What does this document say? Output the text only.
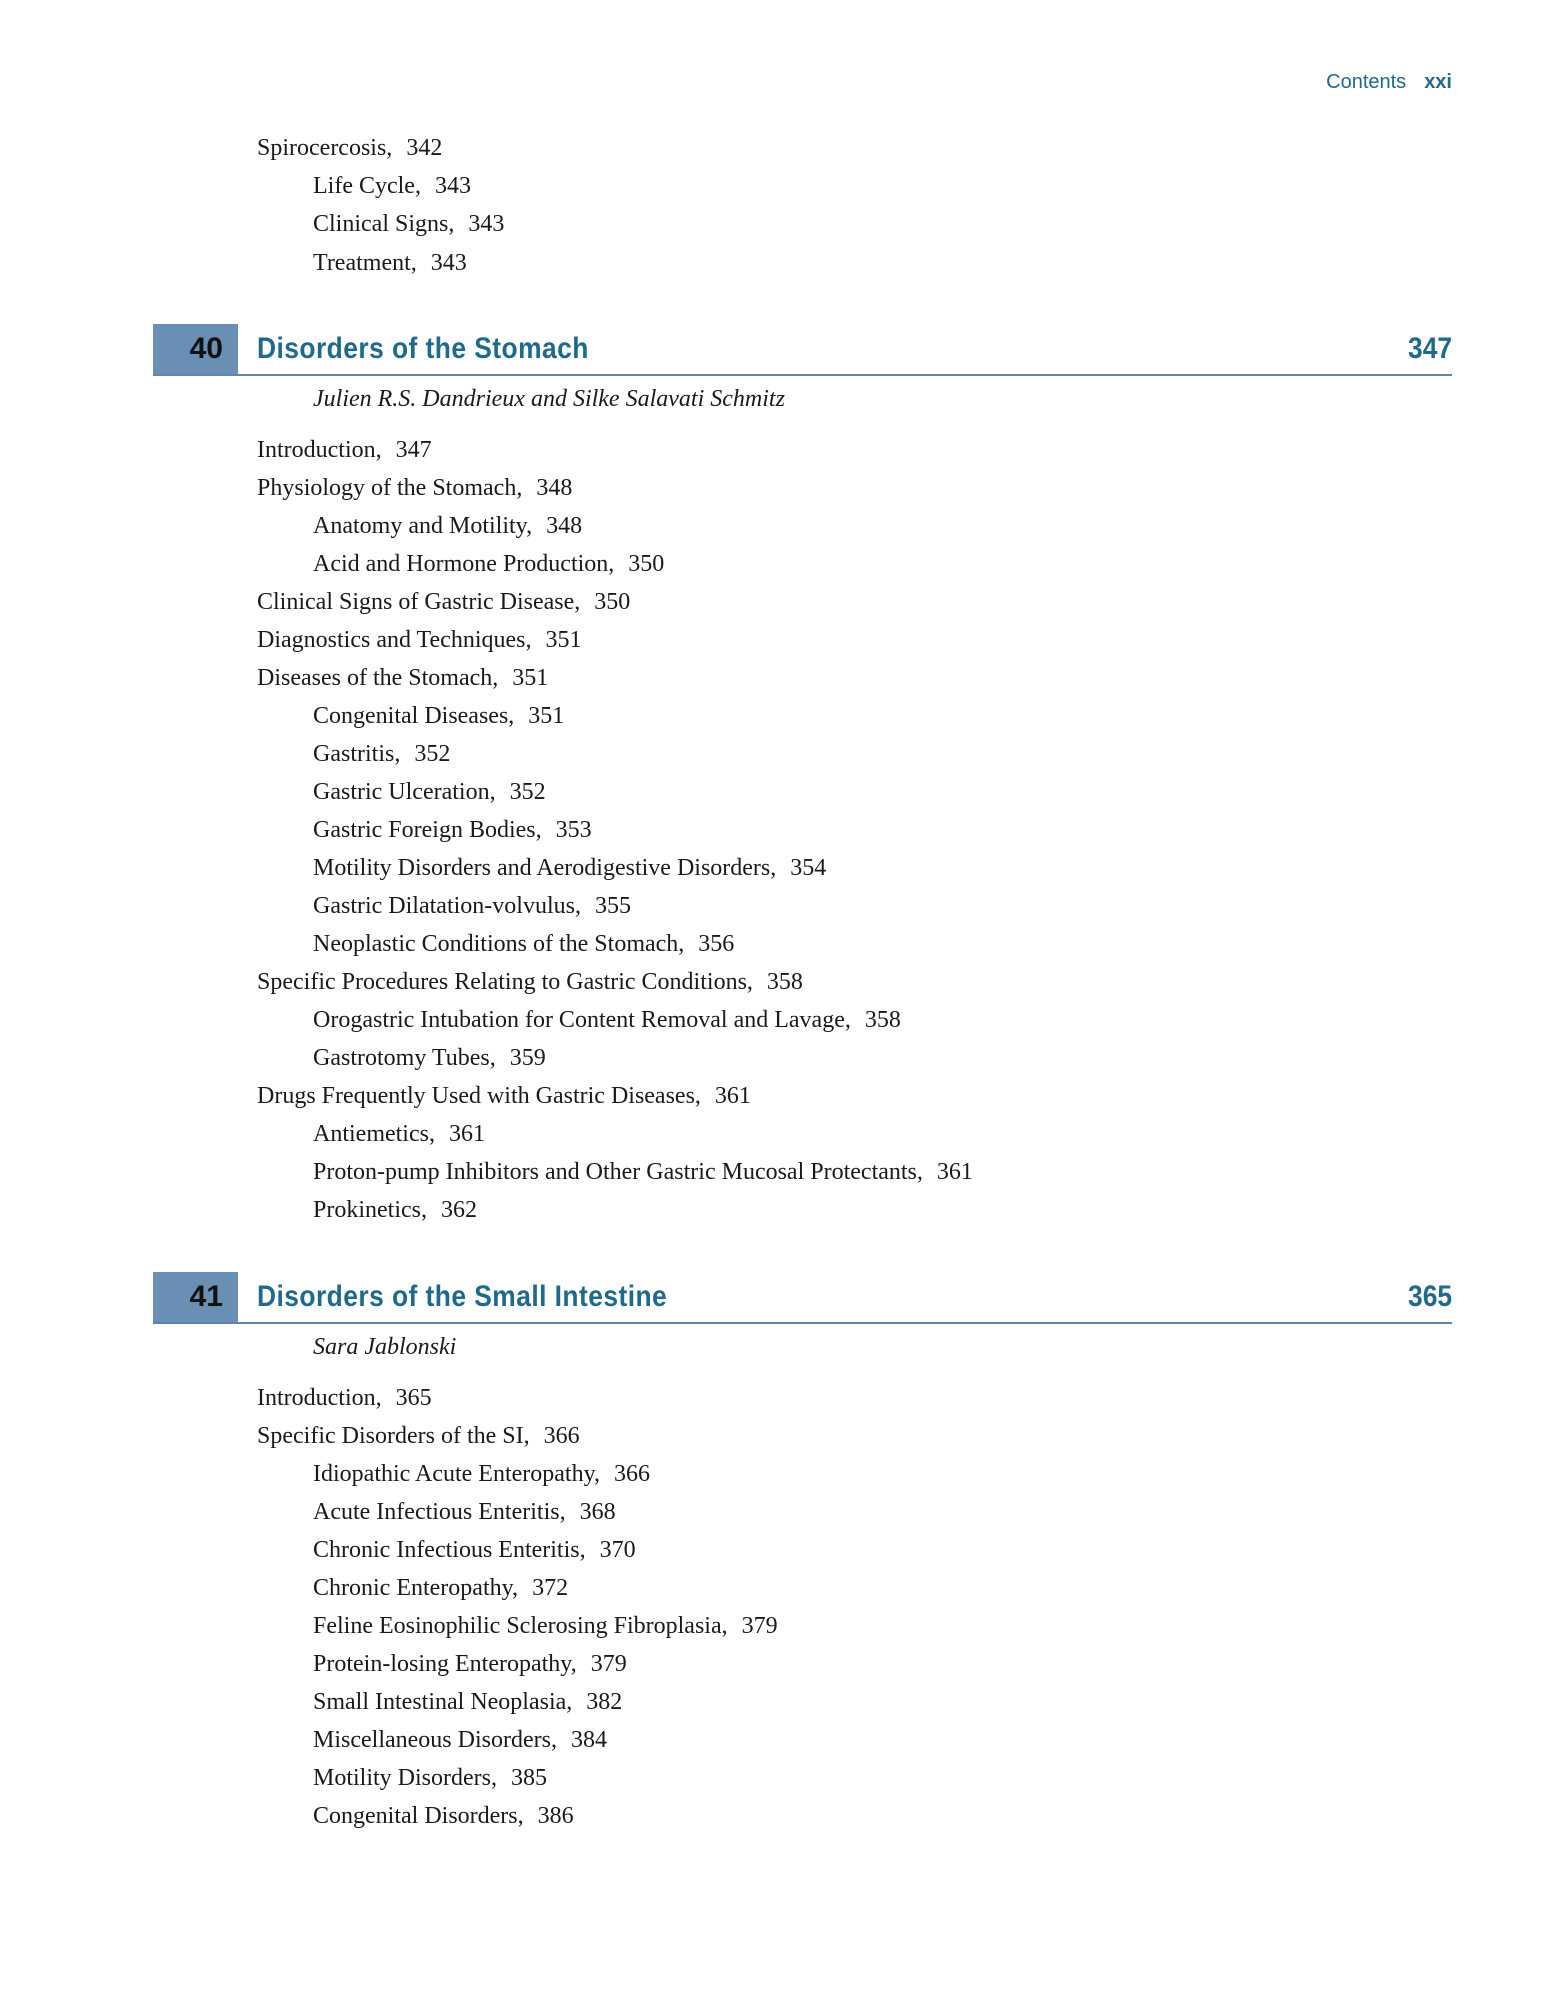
Contents xxi
Spirocercosis, 342
Life Cycle, 343
Clinical Signs, 343
Treatment, 343
40	Disorders of the Stomach	347
Julien R.S. Dandrieux and Silke Salavati Schmitz
Introduction, 347
Physiology of the Stomach, 348
Anatomy and Motility, 348
Acid and Hormone Production, 350
Clinical Signs of Gastric Disease, 350
Diagnostics and Techniques, 351
Diseases of the Stomach, 351
Congenital Diseases, 351
Gastritis, 352
Gastric Ulceration, 352
Gastric Foreign Bodies, 353
Motility Disorders and Aerodigestive Disorders, 354
Gastric Dilatation-volvulus, 355
Neoplastic Conditions of the Stomach, 356
Specific Procedures Relating to Gastric Conditions, 358
Orogastric Intubation for Content Removal and Lavage, 358
Gastrotomy Tubes, 359
Drugs Frequently Used with Gastric Diseases, 361
Antiemetics, 361
Proton-pump Inhibitors and Other Gastric Mucosal Protectants, 361
Prokinetics, 362
41	Disorders of the Small Intestine	365
Sara Jablonski
Introduction, 365
Specific Disorders of the SI, 366
Idiopathic Acute Enteropathy, 366
Acute Infectious Enteritis, 368
Chronic Infectious Enteritis, 370
Chronic Enteropathy, 372
Feline Eosinophilic Sclerosing Fibroplasia, 379
Protein-losing Enteropathy, 379
Small Intestinal Neoplasia, 382
Miscellaneous Disorders, 384
Motility Disorders, 385
Congenital Disorders, 386
